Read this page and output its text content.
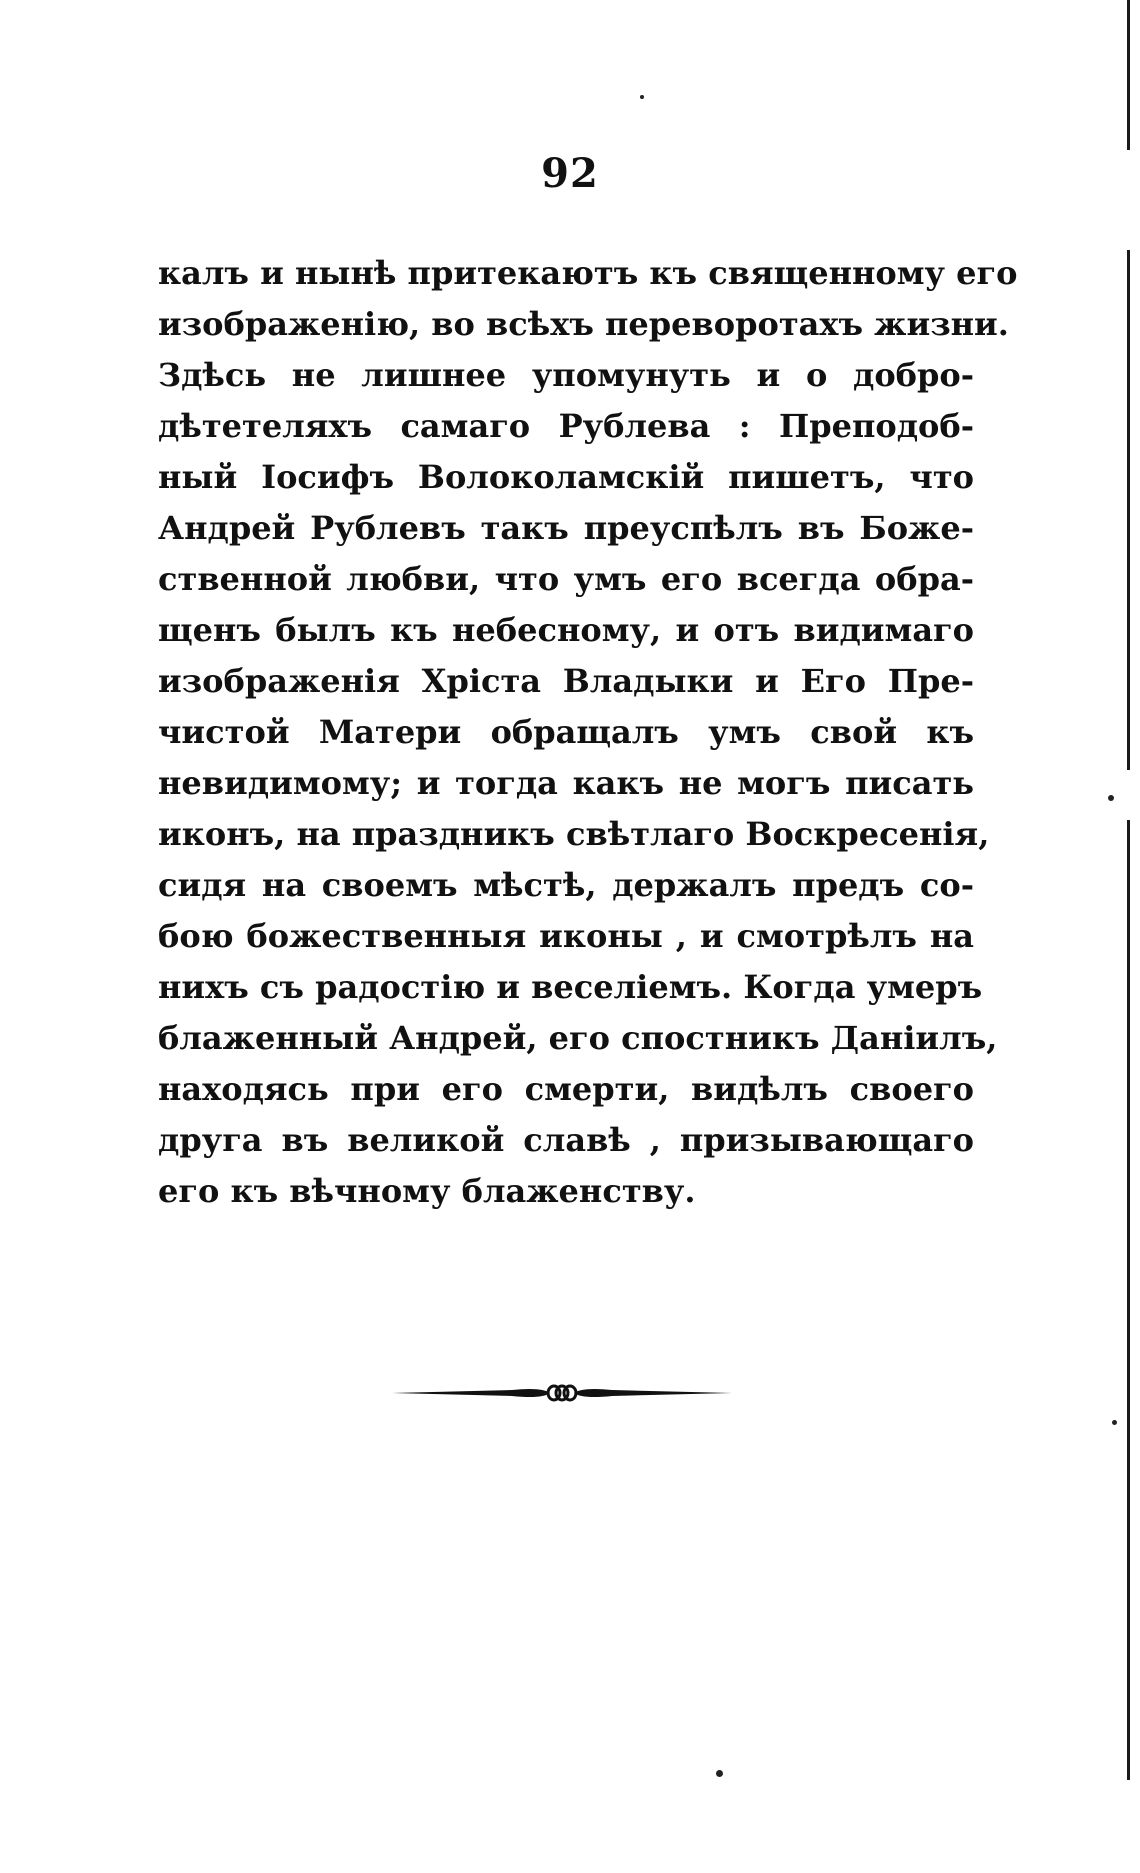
92
калъ и нынѣ притекаютъ къ священному его
изображенію, во всѣхъ переворотахъ жизни.
Здѣсь не лишнее упомунуть и о добро-
дѣтетеляхъ самаго Рублева : Преподоб-
ный Іосифъ Волоколамскій пишетъ, что
Андрей Рублевъ такъ преуспѣлъ въ Боже-
ственной любви, что умъ его всегда обра-
щенъ былъ къ небесному, и отъ видимаго
изображенія Хріста Владыки и Его Пре-
чистой Матери обращалъ умъ свой къ
невидимому; и тогда какъ не могъ писать
иконъ, на праздникъ свѣтлаго Воскресенія,
сидя на своемъ мѣстѣ, держалъ предъ со-
бою божественныя иконы , и смотрѣлъ на
нихъ съ радостію и веселіемъ. Когда умеръ
блаженный Андрей, его спостникъ Даніилъ,
находясь при его смерти, видѣлъ своего
друга въ великой славѣ , призывающаго
его къ вѣчному блаженству.
